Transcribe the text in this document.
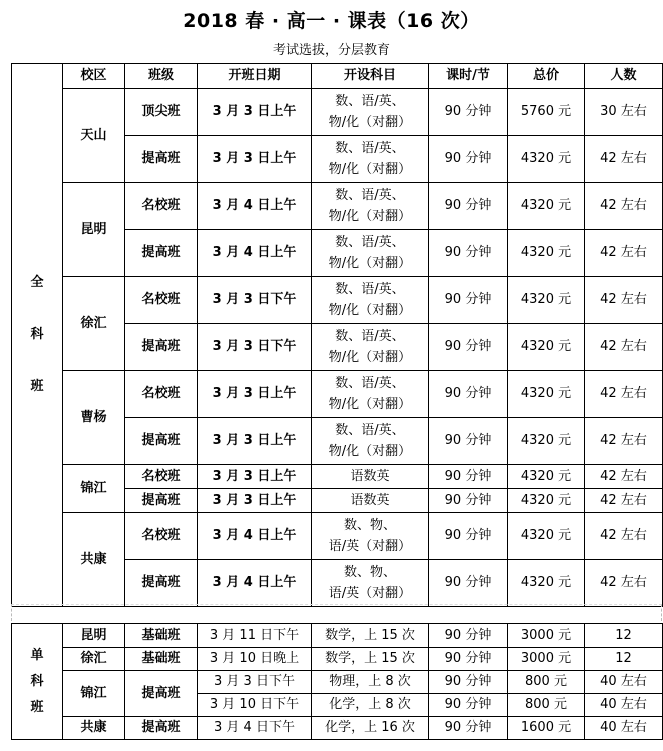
2018 春 · 高一 · 课表（16 次）
考试选拔，分层教育
全

科

班	校区	班级	开班日期	开设科目	课时/节	总价	人数
	天山	顶尖班	3 月 3 日上午	数、语/英、
物/化（对翻）	90 分钟	5760 元	30 左右
		提高班	3 月 3 日上午	数、语/英、
物/化（对翻）	90 分钟	4320 元	42 左右
	昆明	名校班	3 月 4 日上午	数、语/英、
物/化（对翻）	90 分钟	4320 元	42 左右
		提高班	3 月 4 日上午	数、语/英、
物/化（对翻）	90 分钟	4320 元	42 左右
	徐汇	名校班	3 月 3 日下午	数、语/英、
物/化（对翻）	90 分钟	4320 元	42 左右
		提高班	3 月 3 日下午	数、语/英、
物/化（对翻）	90 分钟	4320 元	42 左右
	曹杨	名校班	3 月 3 日上午	数、语/英、
物/化（对翻）	90 分钟	4320 元	42 左右
		提高班	3 月 3 日上午	数、语/英、
物/化（对翻）	90 分钟	4320 元	42 左右
	锦江	名校班	3 月 3 日上午	语数英	90 分钟	4320 元	42 左右
		提高班	3 月 3 日上午	语数英	90 分钟	4320 元	42 左右
	共康	名校班	3 月 4 日上午	数、物、
语/英（对翻）	90 分钟	4320 元	42 左右
		提高班	3 月 4 日上午	数、物、
语/英（对翻）	90 分钟	4320 元	42 左右
单
科
班	昆明	基础班	3 月 11 日下午	数学，上 15 次	90 分钟	3000 元	12
	徐汇	基础班	3 月 10 日晚上	数学，上 15 次	90 分钟	3000 元	12
	锦江	提高班	3 月 3 日下午	物理，上 8 次	90 分钟	800 元	40 左右
			3 月 10 日下午	化学，上 8 次	90 分钟	800 元	40 左右
	共康	提高班	3 月 4 日下午	化学，上 16 次	90 分钟	1600 元	40 左右
